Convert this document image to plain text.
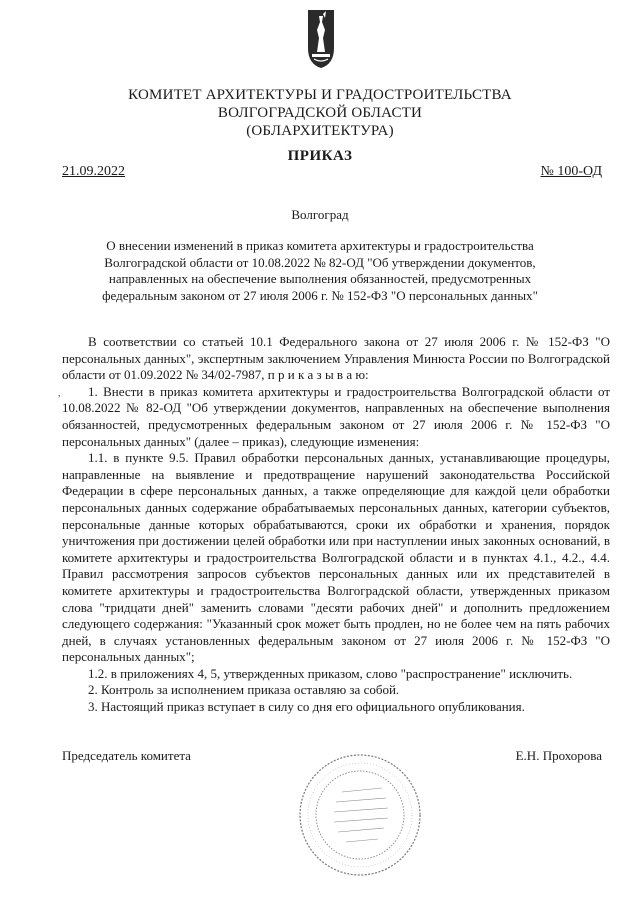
КОМИТЕТ АРХИТЕКТУРЫ И ГРАДОСТРОИТЕЛЬСТВА
ВОЛГОГРАДСКОЙ ОБЛАСТИ
(ОБЛАРХИТЕКТУРА)
ПРИКАЗ
21.09.2022	№ 100-ОД
Волгоград
О внесении изменений в приказ комитета архитектуры и градостроительства Волгоградской области от 10.08.2022 № 82-ОД "Об утверждении документов, направленных на обеспечение выполнения обязанностей, предусмотренных федеральным законом от 27 июля 2006 г. № 152-ФЗ "О персональных данных"
,

В соответствии со статьей 10.1 Федерального закона от 27 июля 2006 г. № 152-ФЗ "О персональных данных", экспертным заключением Управления Минюста России по Волгоградской области от 01.09.2022 № 34/02-7987, п р и к а з ы в а ю:

1. Внести в приказ комитета архитектуры и градостроительства Волгоградской области от 10.08.2022 № 82-ОД "Об утверждении документов, направленных на обеспечение выполнения обязанностей, предусмотренных федеральным законом от 27 июля 2006 г. № 152-ФЗ "О персональных данных" (далее – приказ), следующие изменения:

1.1. в пункте 9.5. Правил обработки персональных данных, устанавливающие процедуры, направленные на выявление и предотвращение нарушений законодательства Российской Федерации в сфере персональных данных, а также определяющие для каждой цели обработки персональных данных содержание обрабатываемых персональных данных, категории субъектов, персональные данные которых обрабатываются, сроки их обработки и хранения, порядок уничтожения при достижении целей обработки или при наступлении иных законных оснований, в комитете архитектуры и градостроительства Волгоградской области и в пунктах 4.1., 4.2., 4.4. Правил рассмотрения запросов субъектов персональных данных или их представителей в комитете архитектуры и градостроительства Волгоградской области, утвержденных приказом слова "тридцати дней" заменить словами "десяти рабочих дней" и дополнить предложением следующего содержания: "Указанный срок может быть продлен, но не более чем на пять рабочих дней, в случаях установленных федеральным законом от 27 июля 2006 г. № 152-ФЗ "О персональных данных";

1.2. в приложениях 4, 5, утвержденных приказом, слово "распространение" исключить.

2. Контроль за исполнением приказа оставляю за собой.

3. Настоящий приказ вступает в силу со дня его официального опубликования.

Председатель комитета	Е.Н. Прохорова
